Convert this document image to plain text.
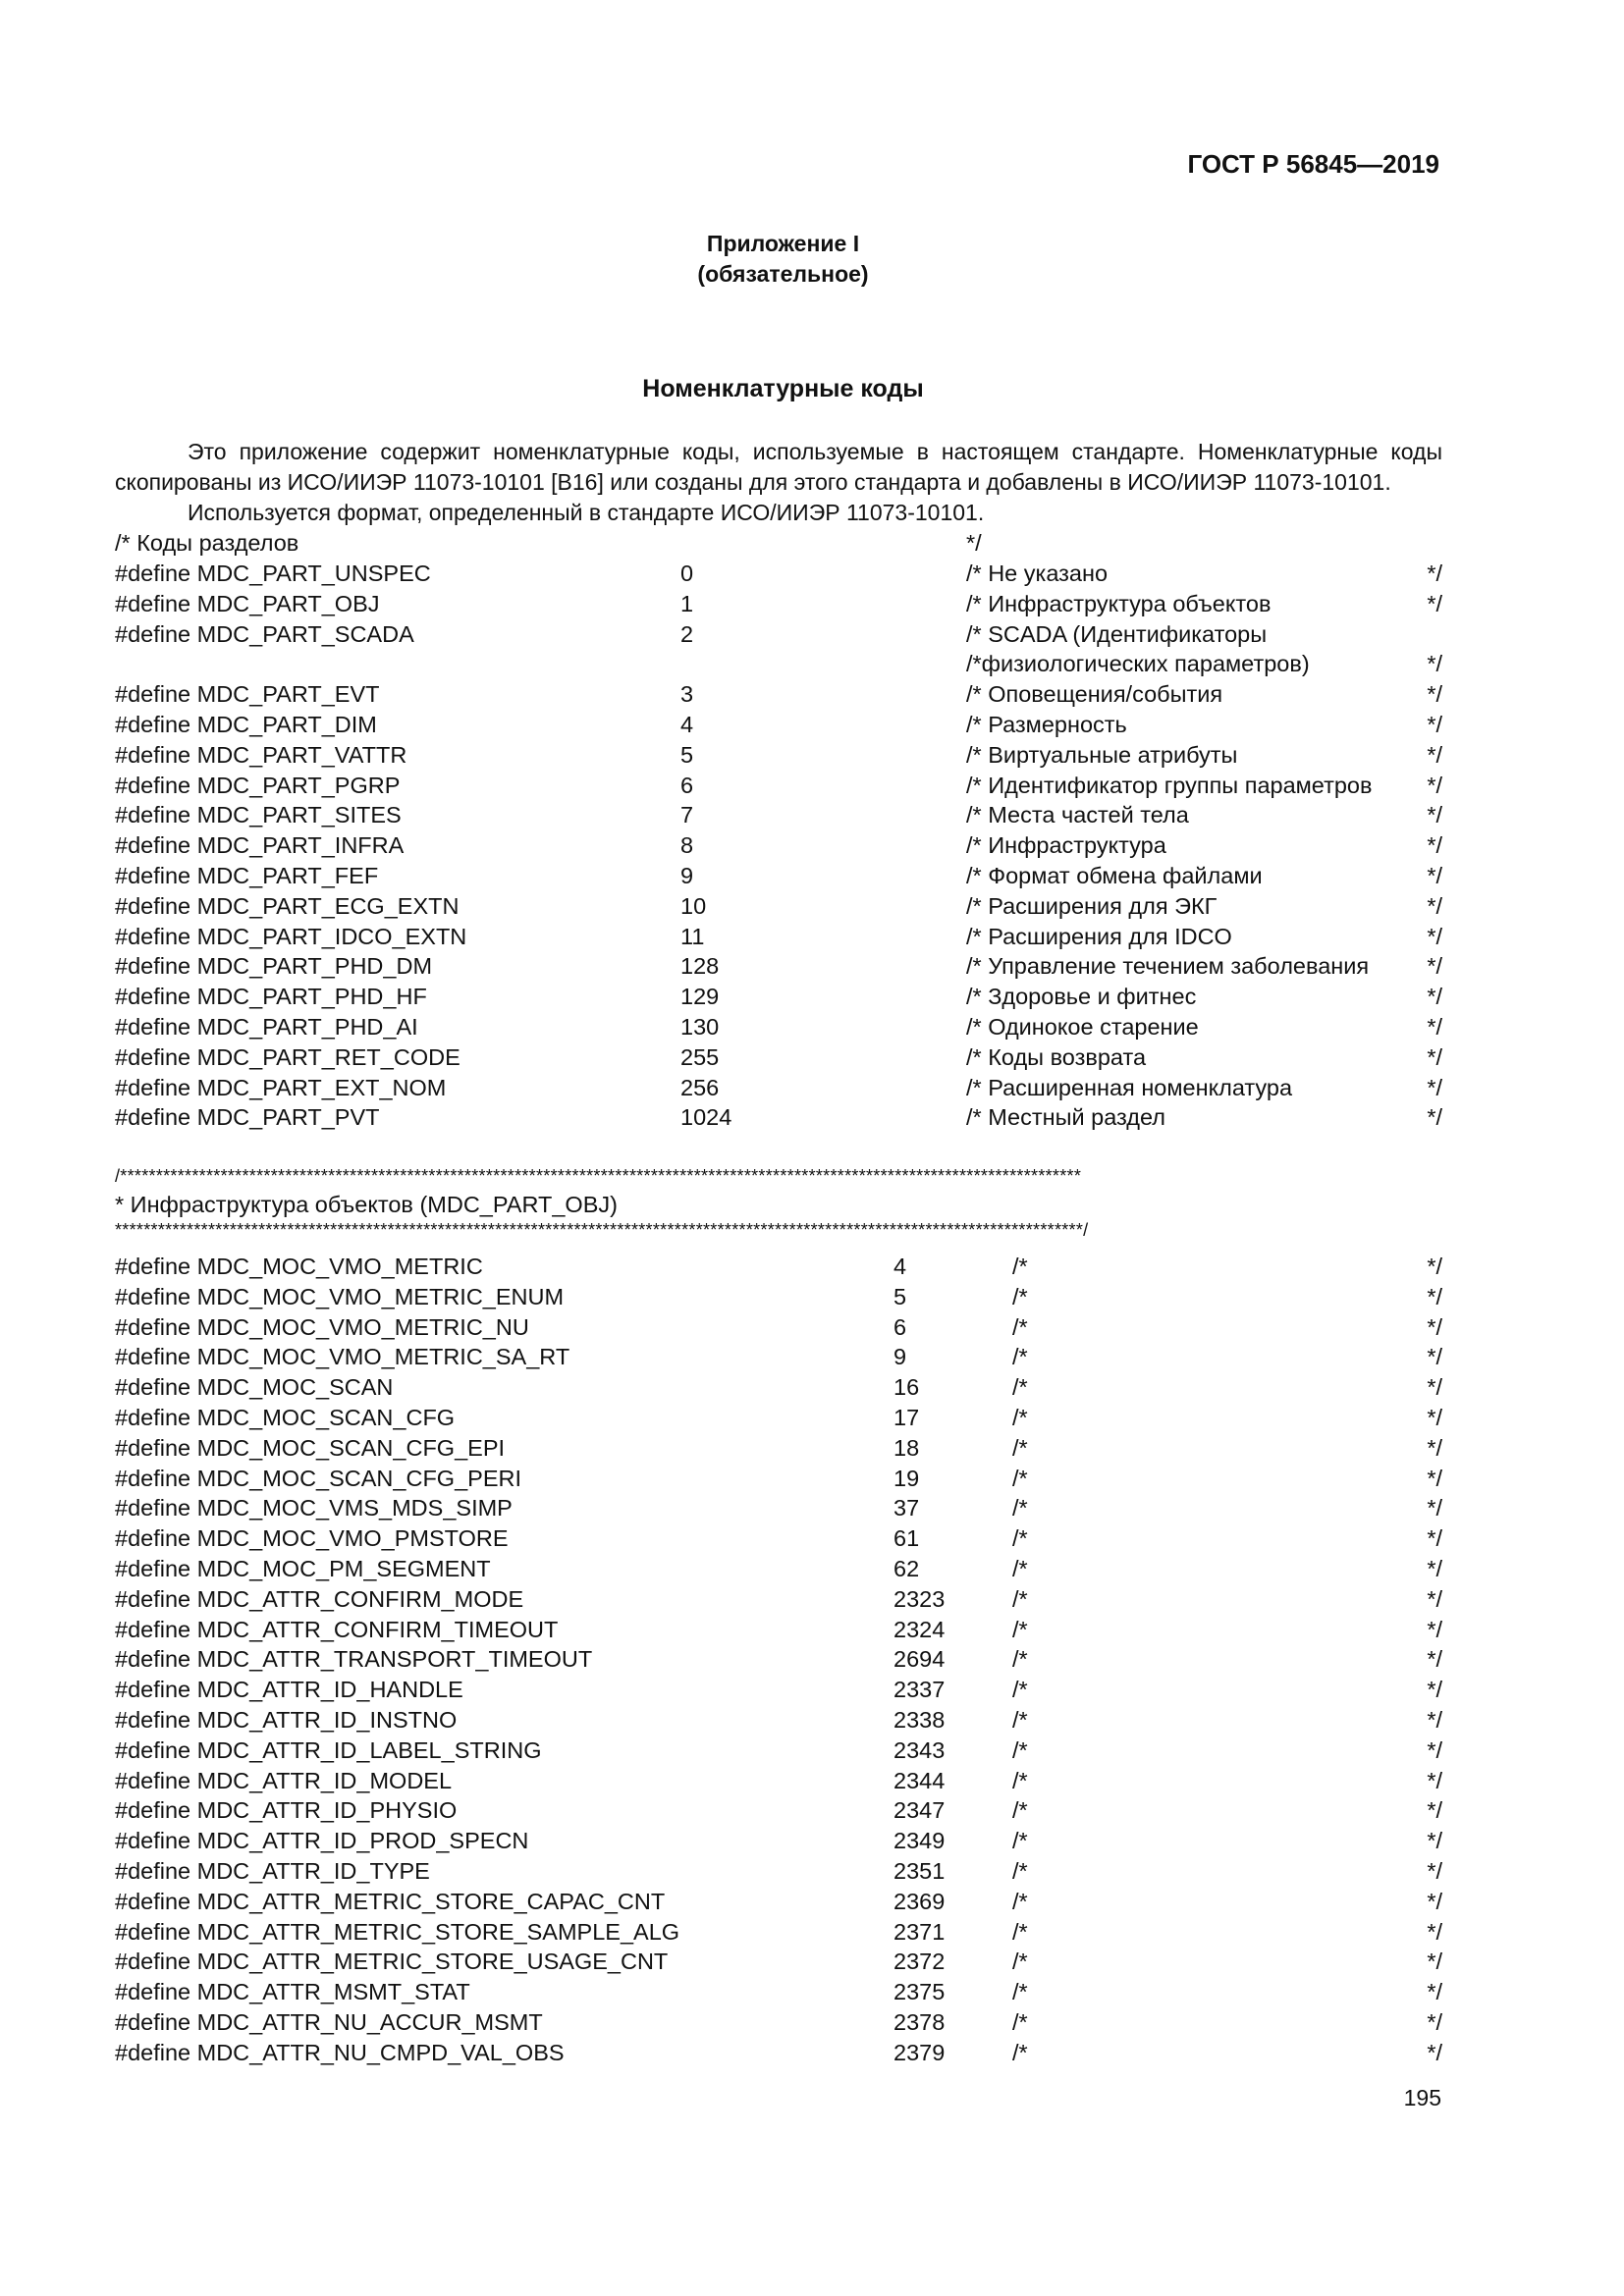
ГОСТ Р 56845—2019
Приложение I
(обязательное)
Номенклатурные коды
Это приложение содержит номенклатурные коды, используемые в настоящем стандарте. Номенклатурные коды скопированы из ИСО/ИИЭР 11073-10101 [B16] или созданы для этого стандарта и добавлены в ИСО/ИИЭР 11073-10101.
Используется формат, определенный в стандарте ИСО/ИИЭР 11073-10101.
/* Коды разделов	*/
#define MDC_PART_UNSPEC	0	/* Не указано	*/
#define MDC_PART_OBJ	1	/* Инфраструктура объектов	*/
#define MDC_PART_SCADA	2	/* SCADA (Идентификаторы
/*физиологических параметров)	*/
#define MDC_PART_EVT	3	/* Оповещения/события	*/
#define MDC_PART_DIM	4	/* Размерность	*/
#define MDC_PART_VATTR	5	/* Виртуальные атрибуты	*/
#define MDC_PART_PGRP	6	/* Идентификатор группы параметров */
#define MDC_PART_SITES	7	/* Места частей тела	*/
#define MDC_PART_INFRA	8	/* Инфраструктура	*/
#define MDC_PART_FEF	9	/* Формат обмена файлами	*/
#define MDC_PART_ECG_EXTN	10	/* Расширения для ЭКГ	*/
#define MDC_PART_IDCO_EXTN	11	/* Расширения для IDCO	*/
#define MDC_PART_PHD_DM	128	/* Управление течением заболевания	*/
#define MDC_PART_PHD_HF	129	/* Здоровье и фитнес	*/
#define MDC_PART_PHD_AI	130	/* Одинокое старение	*/
#define MDC_PART_RET_CODE	255	/* Коды возврата	*/
#define MDC_PART_EXT_NOM	256	/* Расширенная номенклатура	*/
#define MDC_PART_PVT	1024	/* Местный раздел	*/
/**************************************************************************************************************************************
* Инфраструктура объектов (MDC_PART_OBJ)
***************************************************************************************************************************************/
#define MDC_MOC_VMO_METRIC	4	/*	*/
#define MDC_MOC_VMO_METRIC_ENUM	5	/*	*/
#define MDC_MOC_VMO_METRIC_NU	6	/*	*/
#define MDC_MOC_VMO_METRIC_SA_RT	9	/*	*/
#define MDC_MOC_SCAN	16	/*	*/
#define MDC_MOC_SCAN_CFG	17	/*	*/
#define MDC_MOC_SCAN_CFG_EPI	18	/*	*/
#define MDC_MOC_SCAN_CFG_PERI	19	/*	*/
#define MDC_MOC_VMS_MDS_SIMP	37	/*	*/
#define MDC_MOC_VMO_PMSTORE	61	/*	*/
#define MDC_MOC_PM_SEGMENT	62	/*	*/
#define MDC_ATTR_CONFIRM_MODE	2323	/*	*/
#define MDC_ATTR_CONFIRM_TIMEOUT	2324	/*	*/
#define MDC_ATTR_TRANSPORT_TIMEOUT	2694	/*	*/
#define MDC_ATTR_ID_HANDLE	2337	/*	*/
#define MDC_ATTR_ID_INSTNO	2338	/*	*/
#define MDC_ATTR_ID_LABEL_STRING	2343	/*	*/
#define MDC_ATTR_ID_MODEL	2344	/*	*/
#define MDC_ATTR_ID_PHYSIO	2347	/*	*/
#define MDC_ATTR_ID_PROD_SPECN	2349	/*	*/
#define MDC_ATTR_ID_TYPE	2351	/*	*/
#define MDC_ATTR_METRIC_STORE_CAPAC_CNT	2369	/*	*/
#define MDC_ATTR_METRIC_STORE_SAMPLE_ALG	2371	/*	*/
#define MDC_ATTR_METRIC_STORE_USAGE_CNT	2372	/*	*/
#define MDC_ATTR_MSMT_STAT	2375	/*	*/
#define MDC_ATTR_NU_ACCUR_MSMT	2378	/*	*/
#define MDC_ATTR_NU_CMPD_VAL_OBS	2379	/*	*/
195
